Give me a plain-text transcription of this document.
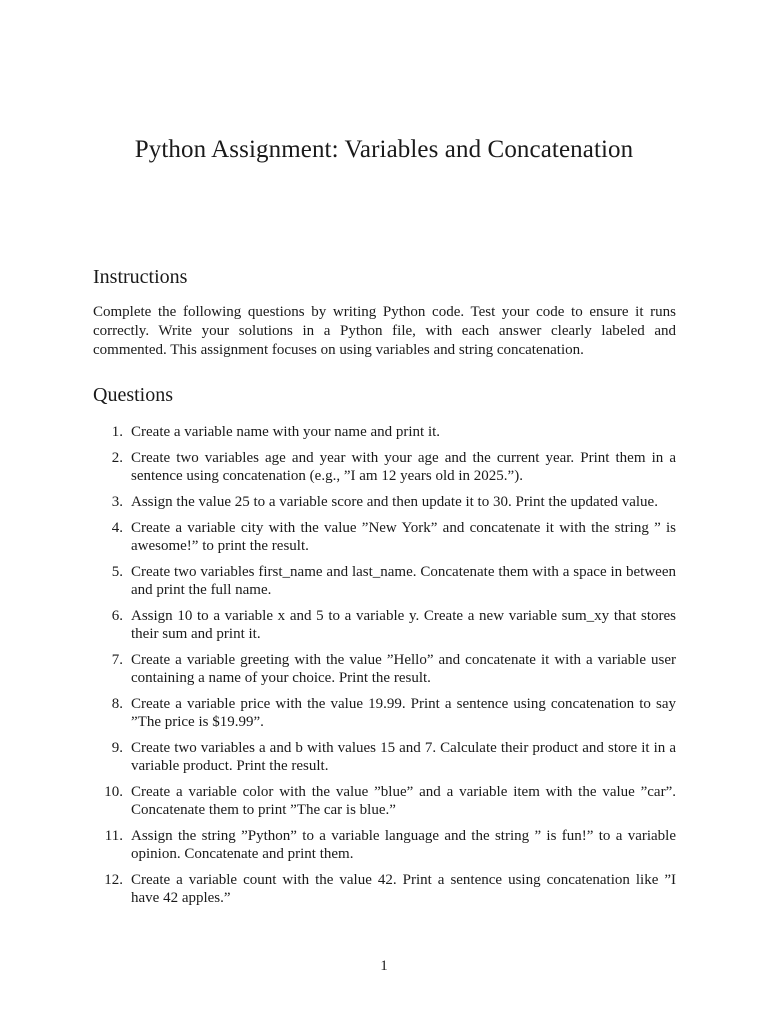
Python Assignment: Variables and Concatenation
Instructions

Complete the following questions by writing Python code. Test your code to ensure it runs correctly. Write your solutions in a Python file, with each answer clearly labeled and commented. This assignment focuses on using variables and string concatenation.

Questions
1. Create a variable name with your name and print it.
2. Create two variables age and year with your age and the current year. Print them in a sentence using concatenation (e.g., ”I am 12 years old in 2025.”).
3. Assign the value 25 to a variable score and then update it to 30. Print the updated value.
4. Create a variable city with the value ”New York” and concatenate it with the string ” is awesome!” to print the result.
5. Create two variables first_name and last_name. Concatenate them with a space in between and print the full name.
6. Assign 10 to a variable x and 5 to a variable y. Create a new variable sum_xy that stores their sum and print it.
7. Create a variable greeting with the value ”Hello” and concatenate it with a variable user containing a name of your choice. Print the result.
8. Create a variable price with the value 19.99. Print a sentence using concatenation to say ”The price is $19.99”.
9. Create two variables a and b with values 15 and 7. Calculate their product and store it in a variable product. Print the result.
10. Create a variable color with the value ”blue” and a variable item with the value ”car”. Concatenate them to print ”The car is blue.”
11. Assign the string ”Python” to a variable language and the string ” is fun!” to a variable opinion. Concatenate and print them.
12. Create a variable count with the value 42. Print a sentence using concatenation like ”I have 42 apples.”
1
